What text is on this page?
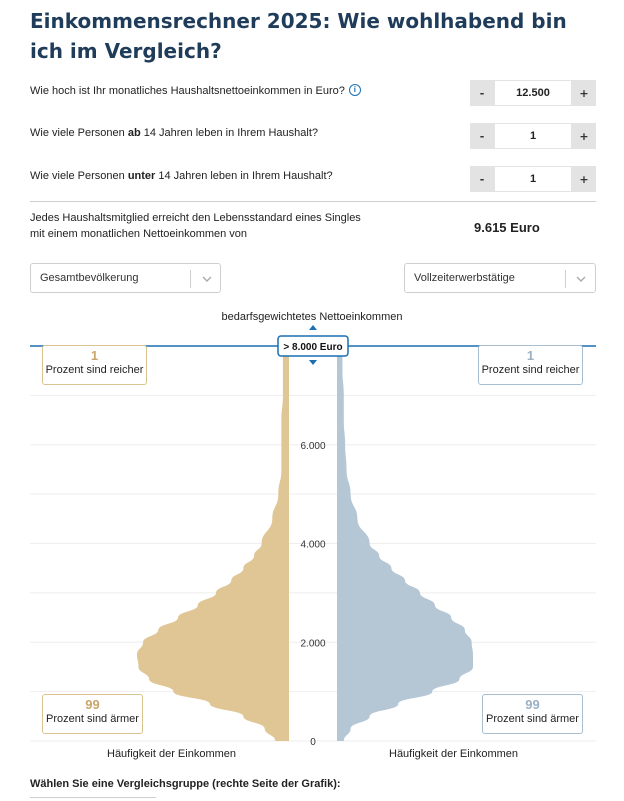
Einkommensrechner 2025: Wie wohlhabend bin ich im Vergleich?
Wie hoch ist Ihr monatliches Haushaltsnettoeinkommen in Euro? i	-	12.500	+
Wie viele Personen ab 14 Jahren leben in Ihrem Haushalt?	-	1	+
Wie viele Personen unter 14 Jahren leben in Ihrem Haushalt?	-	1	+
Jedes Haushaltsmitglied erreicht den Lebensstandard eines Singles
mit einem monatlichen Nettoeinkommen von	9.615 Euro
Gesamtbevölkerung	Vollzeiterwerbstätige
bedarfsgewichtetes Nettoeinkommen
0
2.000
4.000
6.000
> 8.000 Euro
1
Prozent sind reicher
1
Prozent sind reicher
99
Prozent sind ärmer
99
Prozent sind ärmer
Häufigkeit der Einkommen	Häufigkeit der Einkommen
Wählen Sie eine Vergleichsgruppe (rechte Seite der Grafik):
